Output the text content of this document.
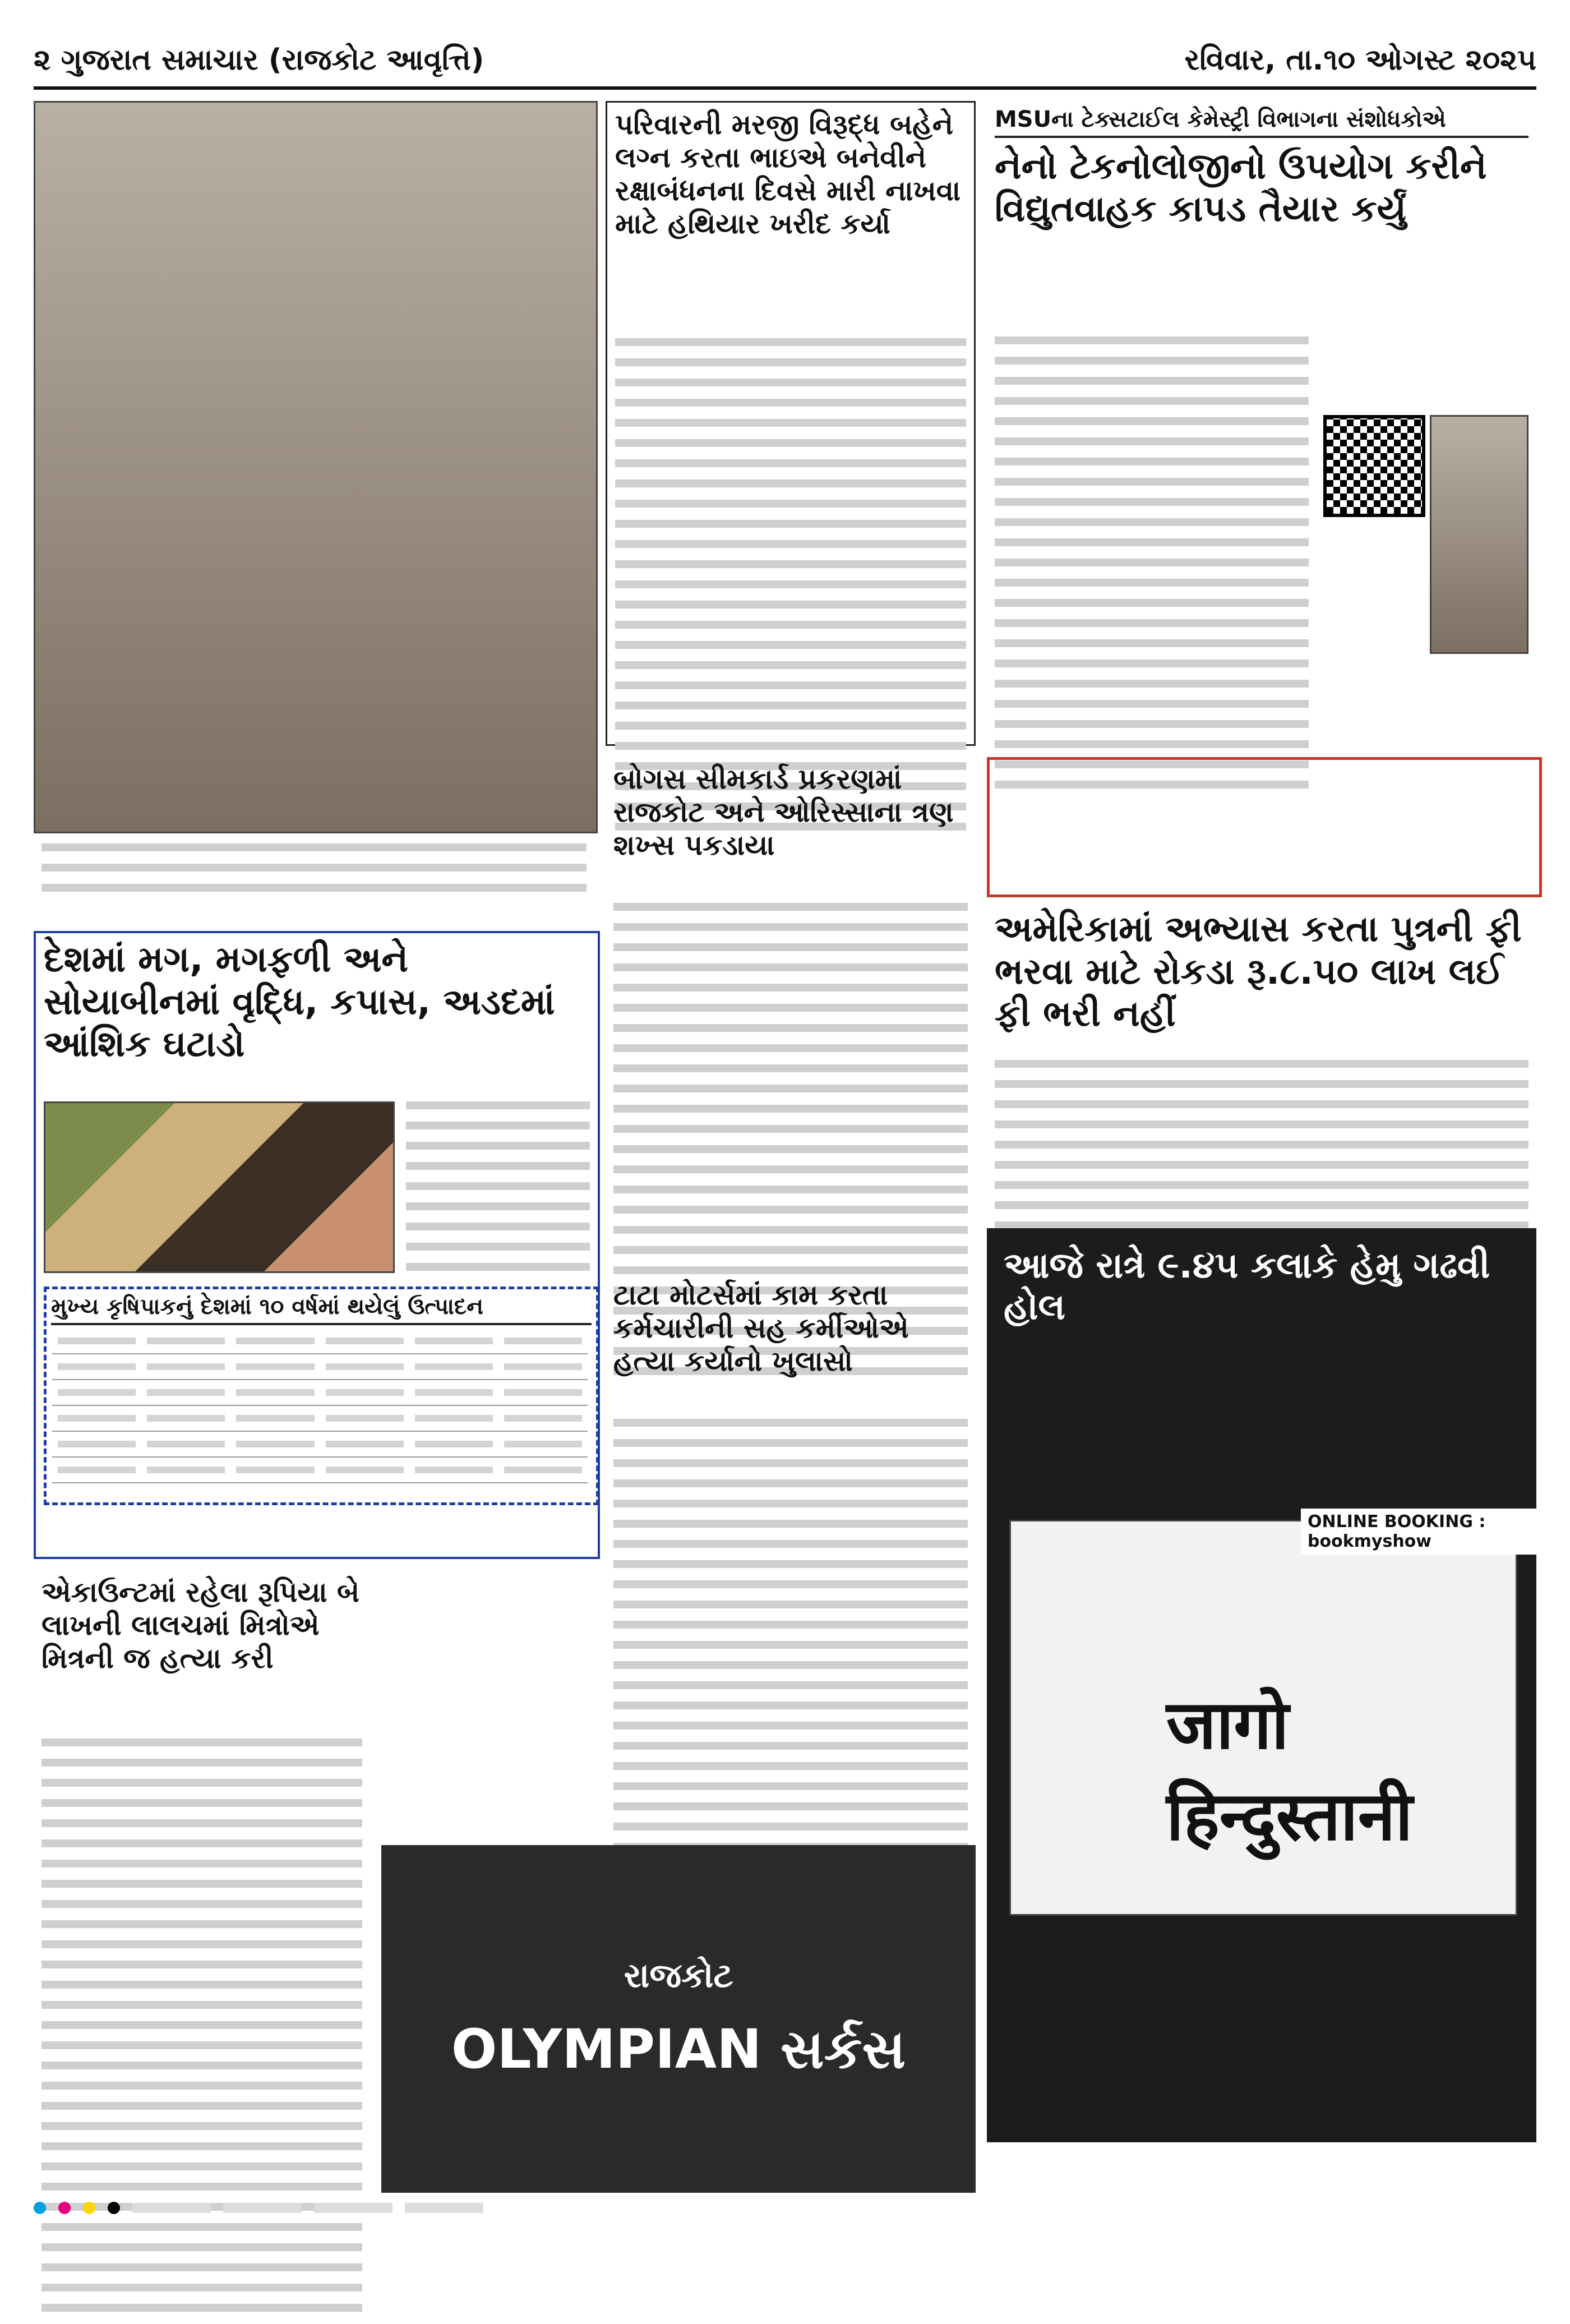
૨ ગુજરાત સમાચાર (રાજકોટ આવૃત્તિ)	રવિવાર, તા.૧૦ ઓગસ્ટ ૨૦૨૫
પરિવારની મરજી વિરૂદ્ધ બહેને લગ્ન કરતા ભાઇએ બનેવીને રક્ષાબંધનના દિવસે મારી નાખવા માટે હથિયાર ખરીદ કર્યા
MSUના ટેક્સટાઈલ કેમેસ્ટ્રી વિભાગના સંશોધકોએ
નેનો ટેકનોલોજીનો ઉપયોગ કરીને વિદ્યુતવાહક કાપડ તૈયાર કર્યું
દેશમાં મગ, મગફળી અને સોયાબીનમાં વૃદ્ધિ, કપાસ, અડદમાં આંશિક ઘટાડો
મુખ્ય કૃષિપાકનું દેશમાં ૧૦ વર્ષમાં થયેલું ઉત્પાદન
બોગસ સીમકાર્ડ પ્રકરણમાં રાજકોટ અને ઓરિસ્સાના ત્રણ શખ્સ પકડાયા
અમેરિકામાં અભ્યાસ કરતા પુત્રની ફી ભરવા માટે રોકડા રૂ.૮.૫૦ લાખ લઈ ફી ભરી નહીં
ટાટા મોટર્સમાં કામ કરતા કર્મચારીની સહ કર્મીઓએ હત્યા કર્યાનો ખુલાસો
આજે રાત્રે ૯.૪૫ કલાકે હેમુ ગઢવી હોલ
जागो हिन्दुस्तानी
ONLINE BOOKING : bookmyshow
એકાઉન્ટમાં રહેલા રૂપિયા બે લાખની લાલચમાં મિત્રોએ મિત્રની જ હત્યા કરી
રાજકોટ
OLYMPIAN સર્કસ
